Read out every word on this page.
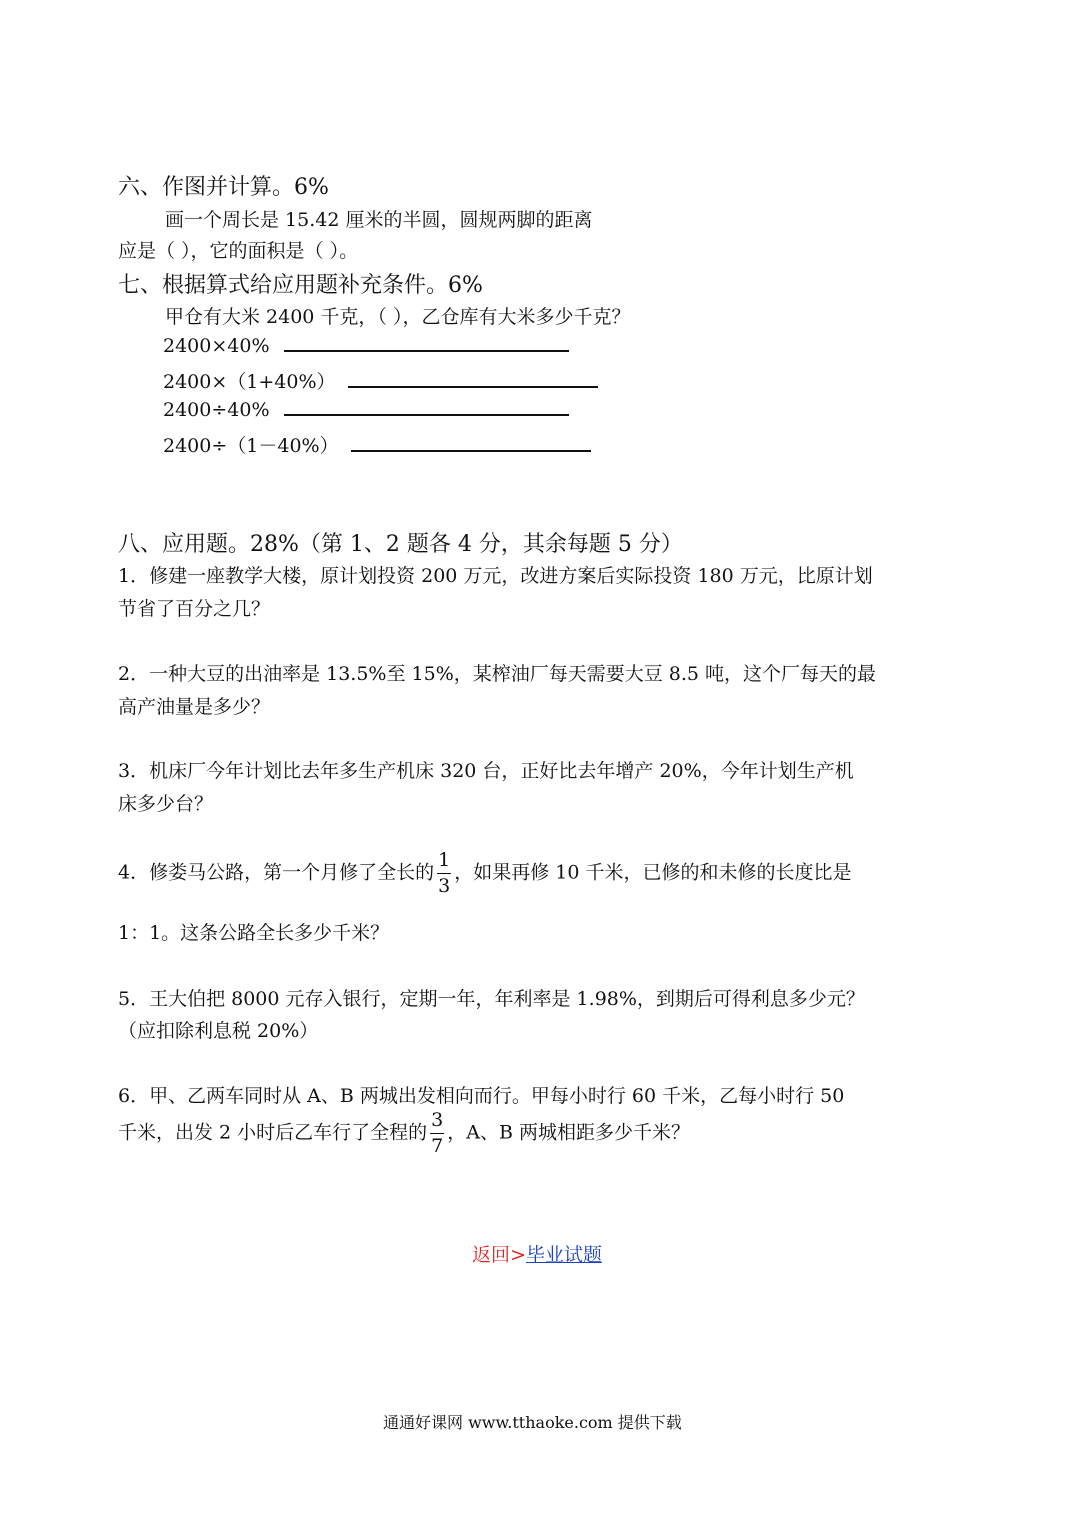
六、作图并计算。6%
画一个周长是 15.42 厘米的半圆，圆规两脚的距离
应是（ ），它的面积是（ ）。
七、根据算式给应用题补充条件。6%
甲仓有大米 2400 千克，（ ），乙仓库有大米多少千克？
2400×40%
2400×（1+40%）
2400÷40%
2400÷（1－40%）
八、应用题。28%（第 1、2 题各 4 分，其余每题 5 分）
1．修建一座教学大楼，原计划投资 200 万元，改进方案后实际投资 180 万元，比原计划
节省了百分之几？
2．一种大豆的出油率是 13.5%至 15%，某榨油厂每天需要大豆 8.5 吨，这个厂每天的最
高产油量是多少？
3．机床厂今年计划比去年多生产机床 320 台，正好比去年增产 20%，今年计划生产机
床多少台？
4．修娄马公路，第一个月修了全长的 $\frac{1}{3}$ ，如果再修 10 千米，已修的和未修的长度比是
1：1。这条公路全长多少千米？
5．王大伯把 8000 元存入银行，定期一年，年利率是 1.98%，到期后可得利息多少元？
（应扣除利息税 20%）
6．甲、乙两车同时从 A、B 两城出发相向而行。甲每小时行 60 千米，乙每小时行 50
千米，出发 2 小时后乙车行了全程的 $\frac{3}{7}$ ，A、B 两城相距多少千米？
返回>毕业试题
通通好课网 www.tthaoke.com 提供下载
